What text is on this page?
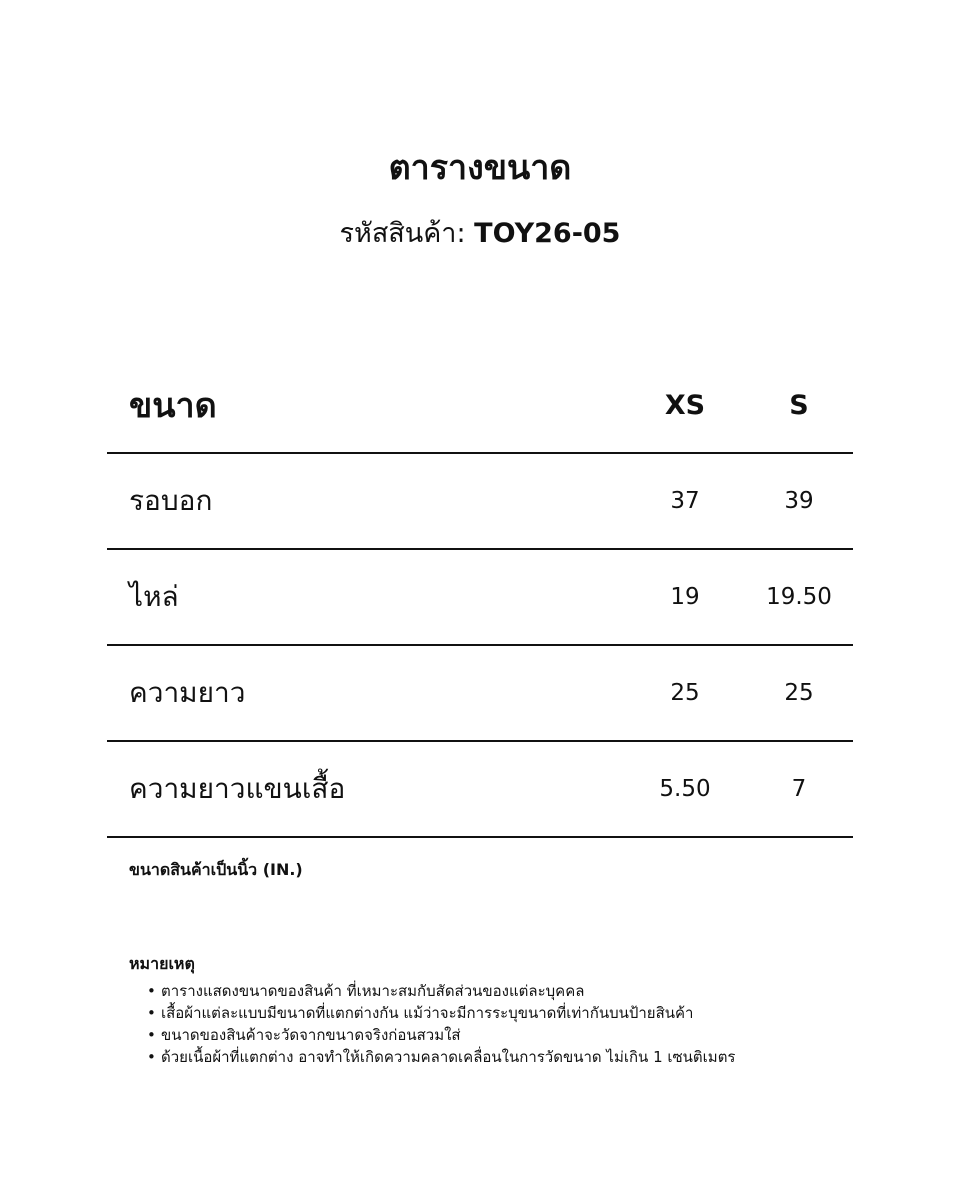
ตารางขนาด
รหัสสินค้า: TOY26-05
ขนาด	XS	S
รอบอก	37	39
ไหล่	19	19.50
ความยาว	25	25
ความยาวแขนเสื้อ	5.50	7
ขนาดสินค้าเป็นนิ้ว (IN.)
หมายเหตุ
• ตารางแสดงขนาดของสินค้า ที่เหมาะสมกับสัดส่วนของแต่ละบุคคล
• เสื้อผ้าแต่ละแบบมีขนาดที่แตกต่างกัน แม้ว่าจะมีการระบุขนาดที่เท่ากันบนป้ายสินค้า
• ขนาดของสินค้าจะวัดจากขนาดจริงก่อนสวมใส่
• ด้วยเนื้อผ้าที่แตกต่าง อาจทำให้เกิดความคลาดเคลื่อนในการวัดขนาด ไม่เกิน 1 เซนติเมตร
